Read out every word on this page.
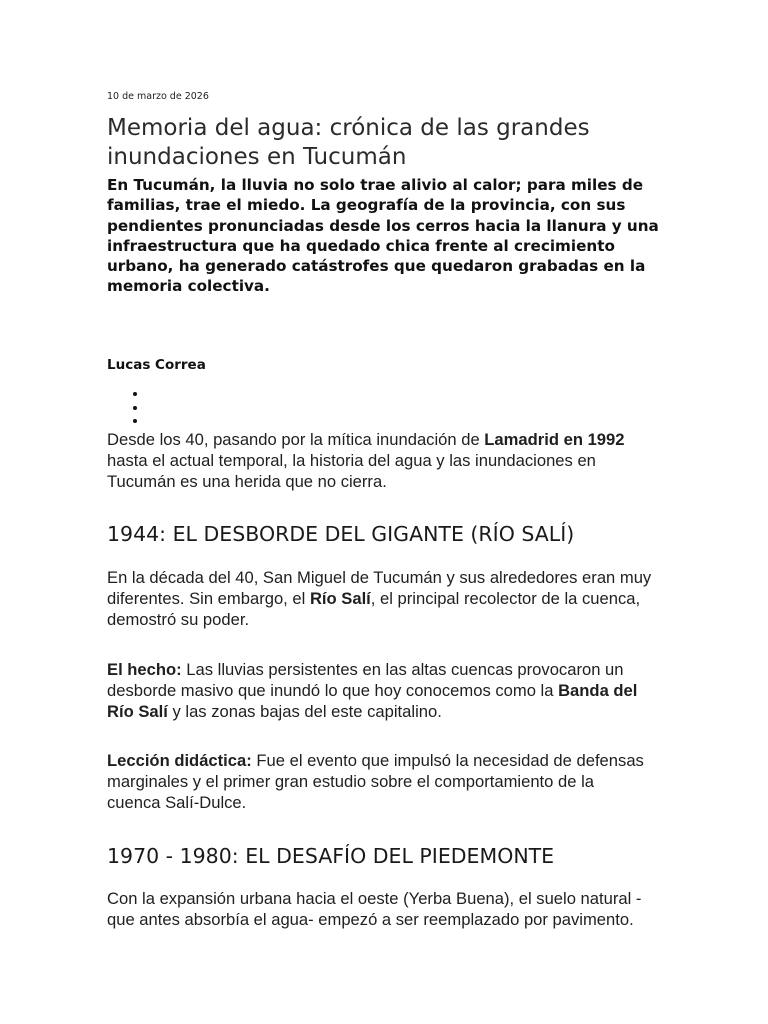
10 de marzo de 2026
Memoria del agua: crónica de las grandes inundaciones en Tucumán

En Tucumán, la lluvia no solo trae alivio al calor; para miles de familias, trae el miedo. La geografía de la provincia, con sus pendientes pronunciadas desde los cerros hacia la llanura y una infraestructura que ha quedado chica frente al crecimiento urbano, ha generado catástrofes que quedaron grabadas en la memoria colectiva.

Lucas Correa

Desde los 40, pasando por la mítica inundación de Lamadrid en 1992 hasta el actual temporal, la historia del agua y las inundaciones en Tucumán es una herida que no cierra.

1944: EL DESBORDE DEL GIGANTE (RÍO SALÍ)

En la década del 40, San Miguel de Tucumán y sus alrededores eran muy diferentes. Sin embargo, el Río Salí, el principal recolector de la cuenca, demostró su poder.

El hecho: Las lluvias persistentes en las altas cuencas provocaron un desborde masivo que inundó lo que hoy conocemos como la Banda del Río Salí y las zonas bajas del este capitalino.

Lección didáctica: Fue el evento que impulsó la necesidad de defensas marginales y el primer gran estudio sobre el comportamiento de la cuenca Salí-Dulce.

1970 - 1980: EL DESAFÍO DEL PIEDEMONTE

Con la expansión urbana hacia el oeste (Yerba Buena), el suelo natural -que antes absorbía el agua- empezó a ser reemplazado por pavimento.
